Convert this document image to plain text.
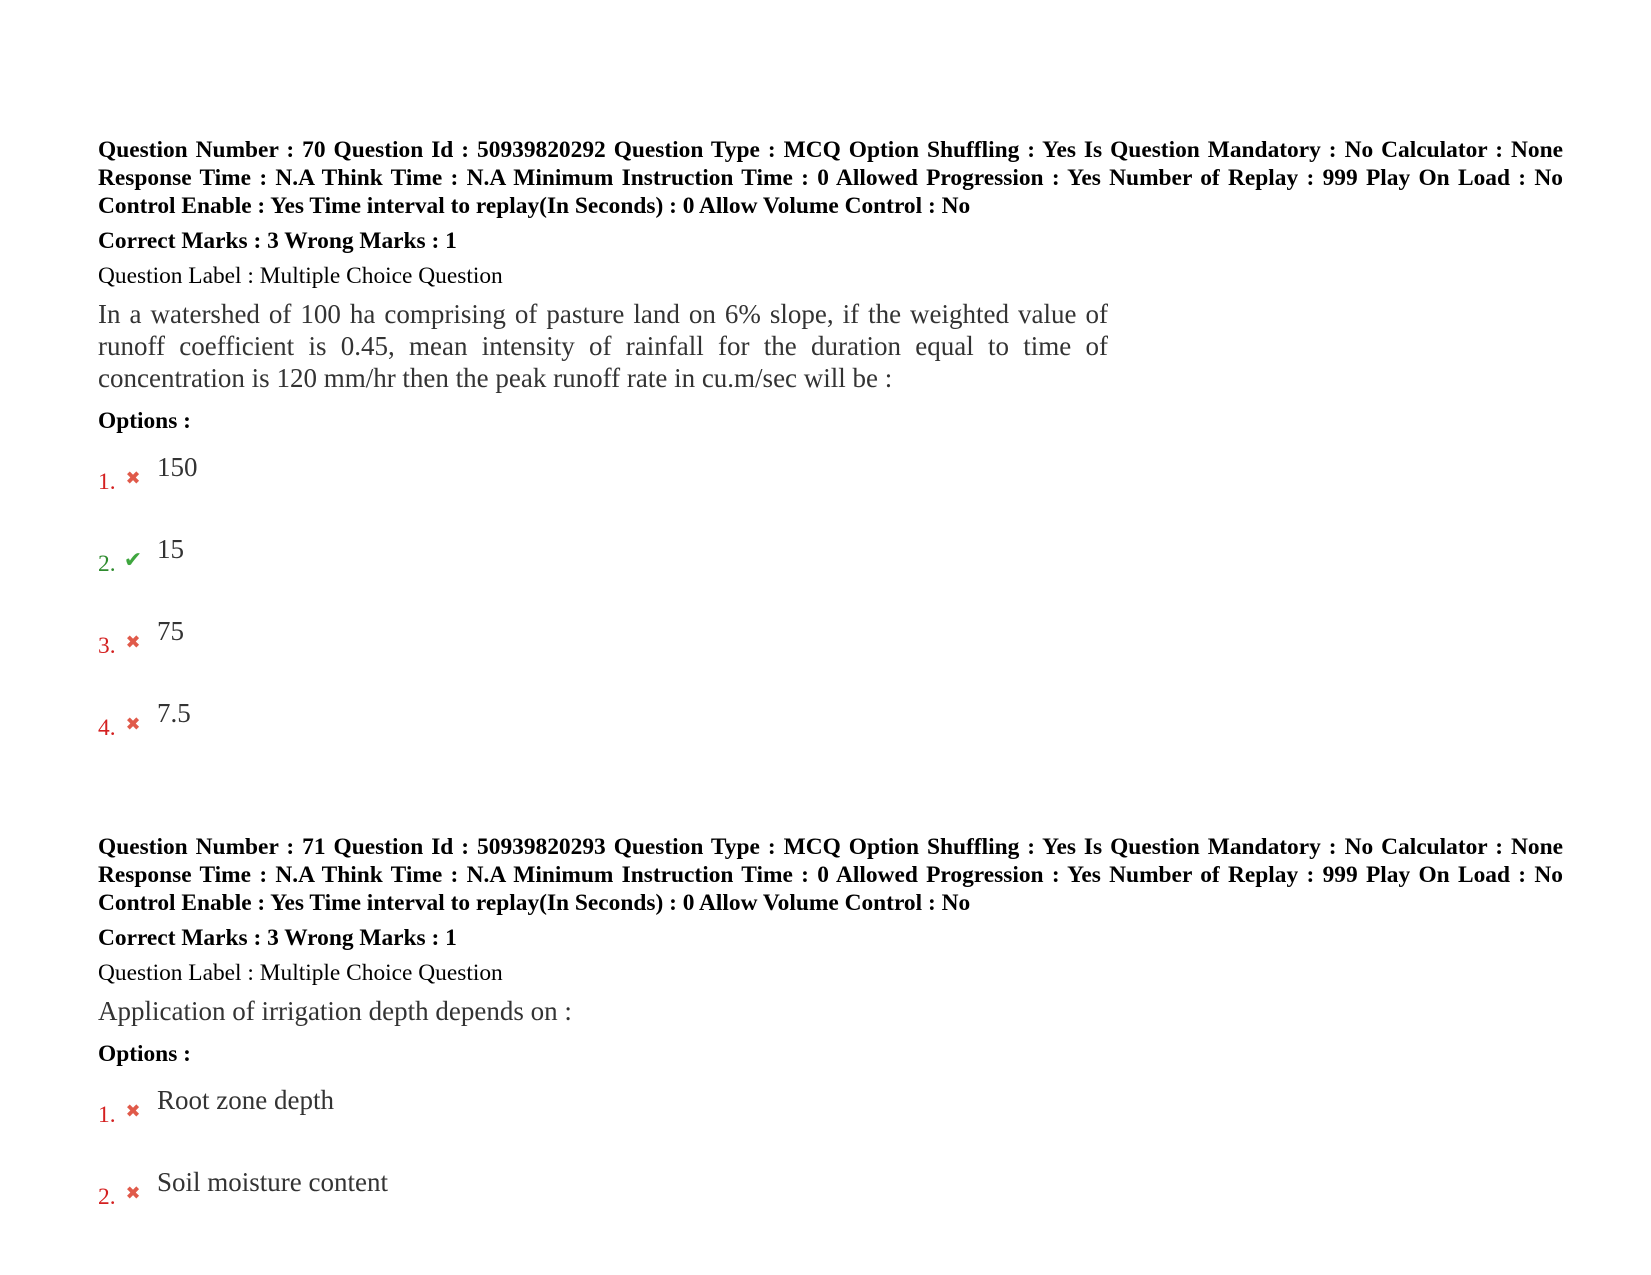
Question Number : 70 Question Id : 50939820292 Question Type : MCQ Option Shuffling : Yes Is Question Mandatory : No Calculator : None Response Time : N.A Think Time : N.A Minimum Instruction Time : 0 Allowed Progression : Yes Number of Replay : 999 Play On Load : No Control Enable : Yes Time interval to replay(In Seconds) : 0 Allow Volume Control : No

Correct Marks : 3 Wrong Marks : 1

Question Label : Multiple Choice Question

In a watershed of 100 ha comprising of pasture land on 6% slope, if the weighted value of runoff coefficient is 0.45, mean intensity of rainfall for the duration equal to time of concentration is 120 mm/hr then the peak runoff rate in cu.m/sec will be :

Options :

1. ✖ 150
2. ✔ 15
3. ✖ 75
4. ✖ 7.5

Question Number : 71 Question Id : 50939820293 Question Type : MCQ Option Shuffling : Yes Is Question Mandatory : No Calculator : None Response Time : N.A Think Time : N.A Minimum Instruction Time : 0 Allowed Progression : Yes Number of Replay : 999 Play On Load : No Control Enable : Yes Time interval to replay(In Seconds) : 0 Allow Volume Control : No

Correct Marks : 3 Wrong Marks : 1

Question Label : Multiple Choice Question

Application of irrigation depth depends on :

Options :

1. ✖ Root zone depth
2. ✖ Soil moisture content
